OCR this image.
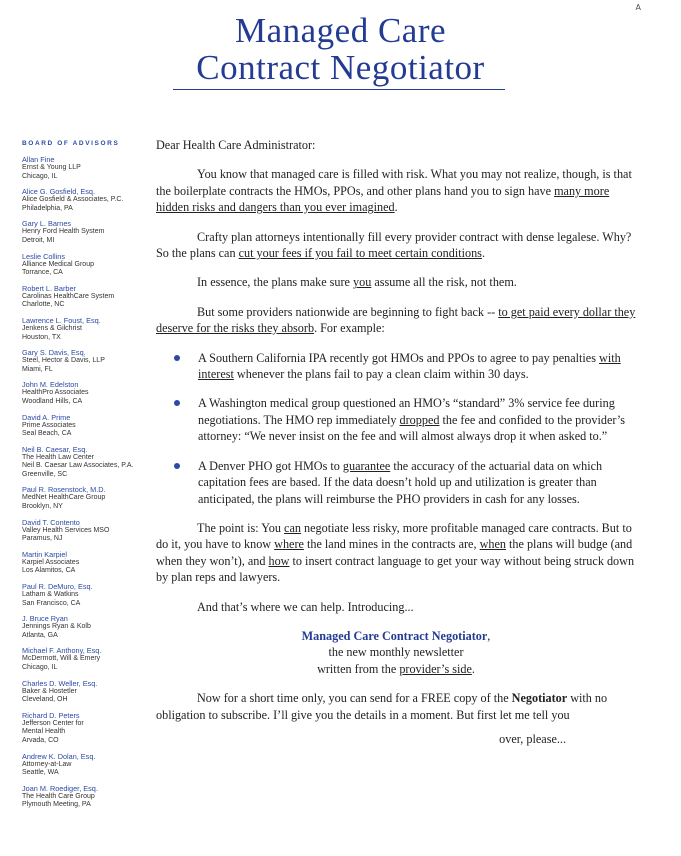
A
Managed Care
Contract Negotiator
BOARD OF ADVISORS
Allan Fine
Ernst & Young LLP
Chicago, IL
Alice G. Gosfield, Esq.
Alice Gosfield & Associates, P.C.
Philadelphia, PA
Gary L. Barnes
Henry Ford Health System
Detroit, MI
Leslie Collins
Alliance Medical Group
Torrance, CA
Robert L. Barber
Carolinas HealthCare System
Charlotte, NC
Lawrence L. Foust, Esq.
Jenkens & Gilchrist
Houston, TX
Gary S. Davis, Esq.
Steel, Hector & Davis, LLP
Miami, FL
John M. Edelston
HealthPro Associates
Woodland Hills, CA
David A. Prime
Prime Associates
Seal Beach, CA
Neil B. Caesar, Esq.
The Health Law Center
Neil B. Caesar Law Associates, P.A.
Greenville, SC
Paul R. Rosenstock, M.D.
MedNet HealthCare Group
Brooklyn, NY
David T. Contento
Valley Health Services MSO
Paramus, NJ
Martin Karpiel
Karpiel Associates
Los Alamitos, CA
Paul R. DeMuro, Esq.
Latham & Watkins
San Francisco, CA
J. Bruce Ryan
Jennings Ryan & Kolb
Atlanta, GA
Michael F. Anthony, Esq.
McDermott, Will & Emery
Chicago, IL
Charles D. Weller, Esq.
Baker & Hostetler
Cleveland, OH
Richard D. Peters
Jefferson Center for
Mental Health
Arvada, CO
Andrew K. Dolan, Esq.
Attorney-at-Law
Seattle, WA
Joan M. Roediger, Esq.
The Health Care Group
Plymouth Meeting, PA

Dear Health Care Administrator:

You know that managed care is filled with risk. What you may not realize, though, is that the boilerplate contracts the HMOs, PPOs, and other plans hand you to sign have many more hidden risks and dangers than you ever imagined.

Crafty plan attorneys intentionally fill every provider contract with dense legalese. Why? So the plans can cut your fees if you fail to meet certain conditions.

In essence, the plans make sure you assume all the risk, not them.

But some providers nationwide are beginning to fight back -- to get paid every dollar they deserve for the risks they absorb. For example:

A Southern California IPA recently got HMOs and PPOs to agree to pay penalties with interest whenever the plans fail to pay a clean claim within 30 days.
A Washington medical group questioned an HMO’s “standard” 3% service fee during negotiations. The HMO rep immediately dropped the fee and confided to the provider’s attorney: “We never insist on the fee and will almost always drop it when asked to.”
A Denver PHO got HMOs to guarantee the accuracy of the actuarial data on which capitation fees are based. If the data doesn’t hold up and utilization is greater than anticipated, the plans will reimburse the PHO providers in cash for any losses.

The point is: You can negotiate less risky, more profitable managed care contracts. But to do it, you have to know where the land mines in the contracts are, when the plans will budge (and when they won’t), and how to insert contract language to get your way without being struck down by plan reps and lawyers.

And that’s where we can help. Introducing...

Managed Care Contract Negotiator,
the new monthly newsletter
written from the provider’s side.

Now for a short time only, you can send for a FREE copy of the Negotiator with no obligation to subscribe. I’ll give you the details in a moment. But first let me tell you

over, please...
